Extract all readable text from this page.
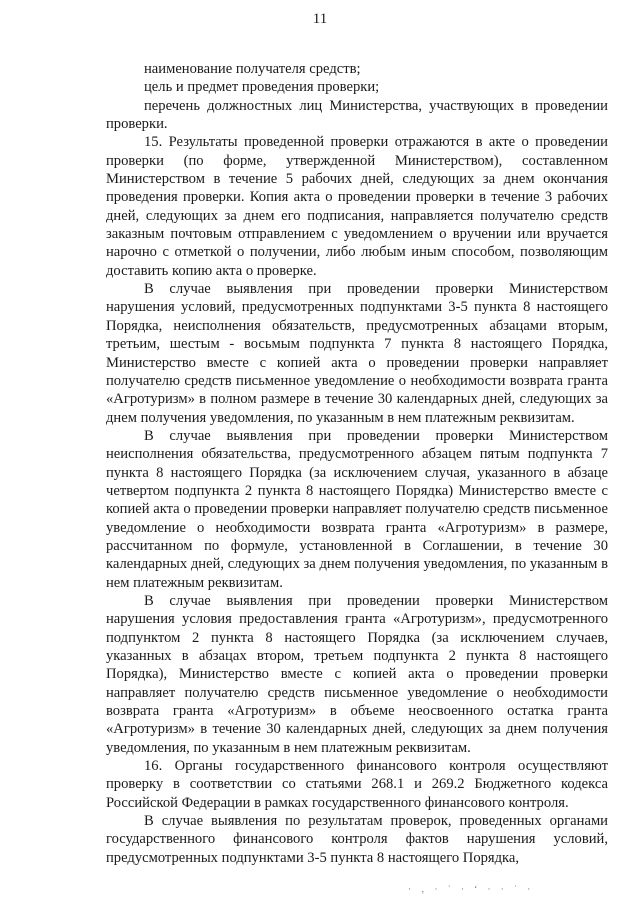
11

наименование получателя средств;

цель и предмет проведения проверки;

перечень должностных лиц Министерства, участвующих в проведении проверки.

15. Результаты проведенной проверки отражаются в акте о проведении проверки (по форме, утвержденной Министерством), составленном Министерством в течение 5 рабочих дней, следующих за днем окончания проведения проверки. Копия акта о проведении проверки в течение 3 рабочих дней, следующих за днем его подписания, направляется получателю средств заказным почтовым отправлением с уведомлением о вручении или вручается нарочно с отметкой о получении, либо любым иным способом, позволяющим доставить копию акта о проверке.

В случае выявления при проведении проверки Министерством нарушения условий, предусмотренных подпунктами 3-5 пункта 8 настоящего Порядка, неисполнения обязательств, предусмотренных абзацами вторым, третьим, шестым - восьмым подпункта 7 пункта 8 настоящего Порядка, Министерство вместе с копией акта о проведении проверки направляет получателю средств письменное уведомление о необходимости возврата гранта «Агротуризм» в полном размере в течение 30 календарных дней, следующих за днем получения уведомления, по указанным в нем платежным реквизитам.

В случае выявления при проведении проверки Министерством неисполнения обязательства, предусмотренного абзацем пятым подпункта 7 пункта 8 настоящего Порядка (за исключением случая, указанного в абзаце четвертом подпункта 2 пункта 8 настоящего Порядка) Министерство вместе с копией акта о проведении проверки направляет получателю средств письменное уведомление о необходимости возврата гранта «Агротуризм» в размере, рассчитанном по формуле, установленной в Соглашении, в течение 30 календарных дней, следующих за днем получения уведомления, по указанным в нем платежным реквизитам.

В случае выявления при проведении проверки Министерством нарушения условия предоставления гранта «Агротуризм», предусмотренного подпунктом 2 пункта 8 настоящего Порядка (за исключением случаев, указанных в абзацах втором, третьем подпункта 2 пункта 8 настоящего Порядка), Министерство вместе с копией акта о проведении проверки направляет получателю средств письменное уведомление о необходимости возврата гранта «Агротуризм» в объеме неосвоенного остатка гранта «Агротуризм» в течение 30 календарных дней, следующих за днем получения уведомления, по указанным в нем платежным реквизитам.

16. Органы государственного финансового контроля осуществляют проверку в соответствии со статьями 268.1 и 269.2 Бюджетного кодекса Российской Федерации в рамках государственного финансового контроля.

В случае выявления по результатам проверок, проведенных органами государственного финансового контроля фактов нарушения условий, предусмотренных подпунктами 3-5 пункта 8 настоящего Порядка,

· ‚ · ˙ · ‘ · · ˙ ·
